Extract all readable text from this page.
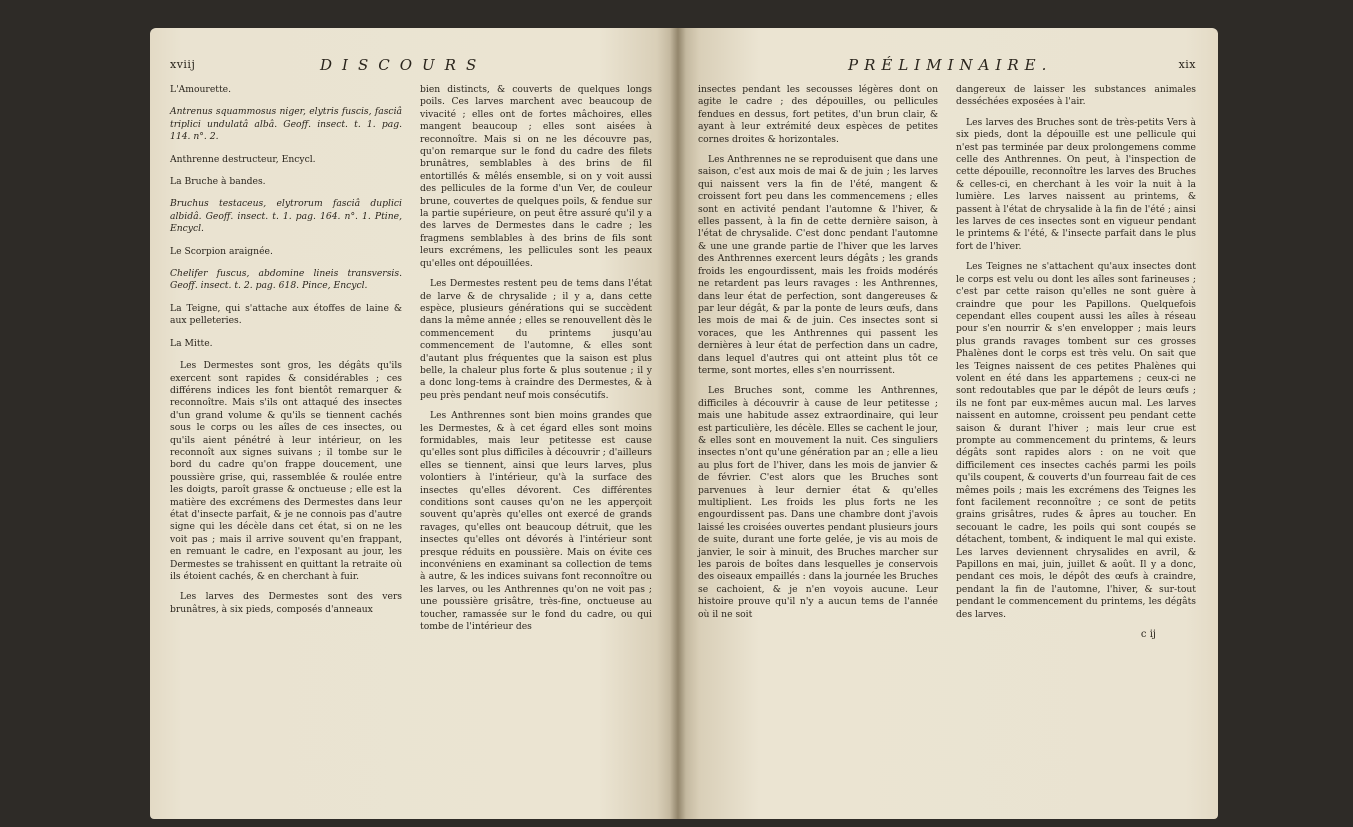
xviij	DISCOURS

L'Amourette.

Antrenus squammosus niger, elytris fuscis, fasciâ triplici undulatâ albâ. Geoff. insect. t. 1. pag. 114. n°. 2.

Anthrenne destructeur, Encycl.

La Bruche à bandes.

Bruchus testaceus, elytrorum fasciâ duplici albidâ. Geoff. insect. t. 1. pag. 164. n°. 1. Ptine, Encycl.

Le Scorpion araignée.

Chelifer fuscus, abdomine lineis transversis. Geoff. insect. t. 2. pag. 618. Pince, Encycl.

La Teigne, qui s'attache aux étoffes de laine & aux pelleteries.

La Mitte.

Les Dermestes sont gros, les dégâts qu'ils exercent sont rapides & considérables ; ces différens indices les font bientôt remarquer & reconnoître. Mais s'ils ont attaqué des insectes d'un grand volume & qu'ils se tiennent cachés sous le corps ou les aîles de ces insectes, ou qu'ils aient pénétré à leur intérieur, on les reconnoît aux signes suivans ; il tombe sur le bord du cadre qu'on frappe doucement, une poussière grise, qui, rassemblée & roulée entre les doigts, paroît grasse & onctueuse ; elle est la matière des excrémens des Dermestes dans leur état d'insecte parfait, & je ne connois pas d'autre signe qui les décèle dans cet état, si on ne les voit pas ; mais il arrive souvent qu'en frappant, en remuant le cadre, en l'exposant au jour, les Dermestes se trahissent en quittant la retraite où ils étoient cachés, & en cherchant à fuir.

Les larves des Dermestes sont des vers brunâtres, à six pieds, composés d'anneaux

bien distincts, & couverts de quelques longs poils. Ces larves marchent avec beaucoup de vivacité ; elles ont de fortes mâchoires, elles mangent beaucoup ; elles sont aisées à reconnoître. Mais si on ne les découvre pas, qu'on remarque sur le fond du cadre des filets brunâtres, semblables à des brins de fil entortillés & mêlés ensemble, si on y voit aussi des pellicules de la forme d'un Ver, de couleur brune, couvertes de quelques poils, & fendue sur la partie supérieure, on peut être assuré qu'il y a des larves de Dermestes dans le cadre ; les fragmens semblables à des brins de fils sont leurs excrémens, les pellicules sont les peaux qu'elles ont dépouillées.

Les Dermestes restent peu de tems dans l'état de larve & de chrysalide ; il y a, dans cette espèce, plusieurs générations qui se succèdent dans la même année ; elles se renouvellent dès le commencement du printems jusqu'au commencement de l'automne, & elles sont d'autant plus fréquentes que la saison est plus belle, la chaleur plus forte & plus soutenue ; il y a donc long-tems à craindre des Dermestes, & à peu près pendant neuf mois consécutifs.

Les Anthrennes sont bien moins grandes que les Dermestes, & à cet égard elles sont moins formidables, mais leur petitesse est cause qu'elles sont plus difficiles à découvrir ; d'ailleurs elles se tiennent, ainsi que leurs larves, plus volontiers à l'intérieur, qu'à la surface des insectes qu'elles dévorent. Ces différentes conditions sont causes qu'on ne les apperçoit souvent qu'après qu'elles ont exercé de grands ravages, qu'elles ont beaucoup détruit, que les insectes qu'elles ont dévorés à l'intérieur sont presque réduits en poussière. Mais on évite ces inconvéniens en examinant sa collection de tems à autre, & les indices suivans font reconnoître ou les larves, ou les Anthrennes qu'on ne voit pas ; une poussière grisâtre, très-fine, onctueuse au toucher, ramassée sur le fond du cadre, ou qui tombe de l'intérieur des

PRÉLIMINAIRE.	xix

insectes pendant les secousses légères dont on agite le cadre ; des dépouilles, ou pellicules fendues en dessus, fort petites, d'un brun clair, & ayant à leur extrémité deux espèces de petites cornes droites & horizontales.

Les Anthrennes ne se reproduisent que dans une saison, c'est aux mois de mai & de juin ; les larves qui naissent vers la fin de l'été, mangent & croissent fort peu dans les commencemens ; elles sont en activité pendant l'automne & l'hiver, & elles passent, à la fin de cette dernière saison, à l'état de chrysalide. C'est donc pendant l'automne & une une grande partie de l'hiver que les larves des Anthrennes exercent leurs dégâts ; les grands froids les engourdissent, mais les froids modérés ne retardent pas leurs ravages : les Anthrennes, dans leur état de perfection, sont dangereuses & par leur dégât, & par la ponte de leurs œufs, dans les mois de mai & de juin. Ces insectes sont si voraces, que les Anthrennes qui passent les dernières à leur état de perfection dans un cadre, dans lequel d'autres qui ont atteint plus tôt ce terme, sont mortes, elles s'en nourrissent.

Les Bruches sont, comme les Anthrennes, difficiles à découvrir à cause de leur petitesse ; mais une habitude assez extraordinaire, qui leur est particulière, les décèle. Elles se cachent le jour, & elles sont en mouvement la nuit. Ces singuliers insectes n'ont qu'une génération par an ; elle a lieu au plus fort de l'hiver, dans les mois de janvier & de février. C'est alors que les Bruches sont parvenues à leur dernier état & qu'elles multiplient. Les froids les plus forts ne les engourdissent pas. Dans une chambre dont j'avois laissé les croisées ouvertes pendant plusieurs jours de suite, durant une forte gelée, je vis au mois de janvier, le soir à minuit, des Bruches marcher sur les parois de boîtes dans lesquelles je conservois des oiseaux empaillés : dans la journée les Bruches se cachoient, & je n'en voyois aucune. Leur histoire prouve qu'il n'y a aucun tems de l'année où il ne soit

dangereux de laisser les substances animales desséchées exposées à l'air.

Les larves des Bruches sont de très-petits Vers à six pieds, dont la dépouille est une pellicule qui n'est pas terminée par deux prolongemens comme celle des Anthrennes. On peut, à l'inspection de cette dépouille, reconnoître les larves des Bruches & celles-ci, en cherchant à les voir la nuit à la lumière. Les larves naissent au printems, & passent à l'état de chrysalide à la fin de l'été ; ainsi les larves de ces insectes sont en vigueur pendant le printems & l'été, & l'insecte parfait dans le plus fort de l'hiver.

Les Teignes ne s'attachent qu'aux insectes dont le corps est velu ou dont les aîles sont farineuses ; c'est par cette raison qu'elles ne sont guère à craindre que pour les Papillons. Quelquefois cependant elles coupent aussi les aîles à réseau pour s'en nourrir & s'en envelopper ; mais leurs plus grands ravages tombent sur ces grosses Phalènes dont le corps est très velu. On sait que les Teignes naissent de ces petites Phalènes qui volent en été dans les appartemens ; ceux-ci ne sont redoutables que par le dépôt de leurs œufs ; ils ne font par eux-mêmes aucun mal. Les larves naissent en automne, croissent peu pendant cette saison & durant l'hiver ; mais leur crue est prompte au commencement du printems, & leurs dégâts sont rapides alors : on ne voit que difficilement ces insectes cachés parmi les poils qu'ils coupent, & couverts d'un fourreau fait de ces mêmes poils ; mais les excrémens des Teignes les font facilement reconnoître ; ce sont de petits grains grisâtres, rudes & âpres au toucher. En secouant le cadre, les poils qui sont coupés se détachent, tombent, & indiquent le mal qui existe. Les larves deviennent chrysalides en avril, & Papillons en mai, juin, juillet & août. Il y a donc, pendant ces mois, le dépôt des œufs à craindre, pendant la fin de l'automne, l'hiver, & sur-tout pendant le commencement du printems, les dégâts des larves.

c ij
